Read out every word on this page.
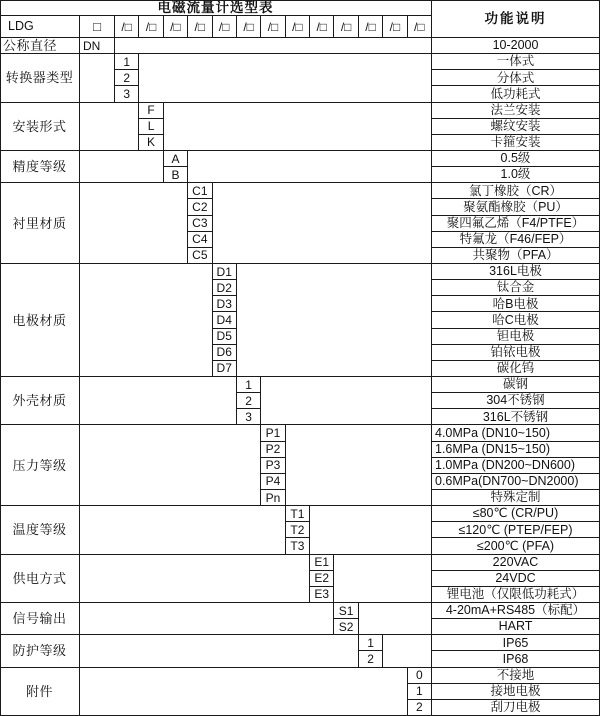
电磁流量计选型表
功能说明
LDG	□	/□	/□	/□	/□	/□	/□	/□	/□	/□	/□	/□	/□	/□
公称直径	DN	10-2000
转换器类型
1	一体式
2	分体式
3	低功耗式
安装形式
F	法兰安装
L	螺纹安装
K	卡箍安装
精度等级
A	0.5级
B	1.0级
衬里材质
C1	氯丁橡胶（CR）
C2	聚氨酯橡胶（PU）
C3	聚四氟乙烯（F4/PTFE）
C4	特氟龙（F46/FEP）
C5	共聚物（PFA）
电极材质
D1	316L电极
D2	钛合金
D3	哈B电极
D4	哈C电极
D5	钽电极
D6	铂铱电极
D7	碳化钨
外壳材质
1	碳钢
2	304不锈钢
3	316L不锈钢
压力等级
P1	4.0MPa (DN10~150)
P2	1.6MPa (DN15~150)
P3	1.0MPa (DN200~DN600)
P4	0.6MPa(DN700~DN2000)
Pn	特殊定制
温度等级
T1	≤80℃ (CR/PU)
T2	≤120℃ (PTEP/FEP)
T3	≤200℃ (PFA)
供电方式
E1	220VAC
E2	24VDC
E3	锂电池（仅限低功耗式）
信号输出
S1	4-20mA+RS485（标配）
S2	HART
防护等级
1	IP65
2	IP68
附件
0	不接地
1	接地电极
2	刮刀电极
